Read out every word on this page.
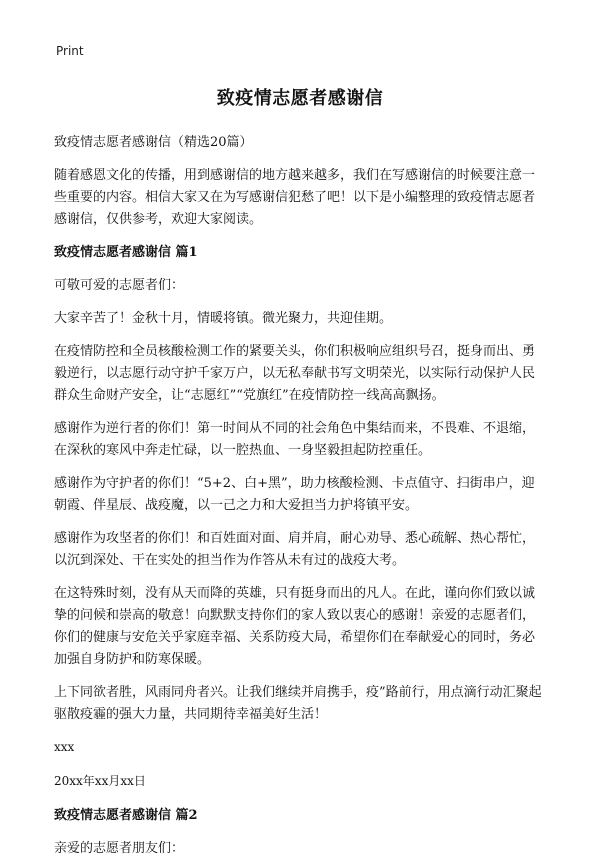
Print
致疫情志愿者感谢信
致疫情志愿者感谢信（精选20篇）
随着感恩文化的传播，用到感谢信的地方越来越多，我们在写感谢信的时候要注意一些重要的内容。相信大家又在为写感谢信犯愁了吧！以下是小编整理的致疫情志愿者感谢信，仅供参考，欢迎大家阅读。
致疫情志愿者感谢信 篇1
可敬可爱的志愿者们：
大家辛苦了！金秋十月，情暖将镇。微光聚力，共迎佳期。
在疫情防控和全员核酸检测工作的紧要关头，你们积极响应组织号召，挺身而出、勇毅逆行，以志愿行动守护千家万户，以无私奉献书写文明荣光，以实际行动保护人民群众生命财产安全，让“志愿红”“党旗红”在疫情防控一线高高飘扬。
感谢作为逆行者的你们！第一时间从不同的社会角色中集结而来，不畏难、不退缩，在深秋的寒风中奔走忙碌，以一腔热血、一身坚毅担起防控重任。
感谢作为守护者的你们！“5+2、白+黑”，助力核酸检测、卡点值守、扫街串户，迎朝霞、伴星辰、战疫魔，以一己之力和大爱担当力护将镇平安。
感谢作为攻坚者的你们！和百姓面对面、肩并肩，耐心劝导、悉心疏解、热心帮忙，以沉到深处、干在实处的担当作为作答从未有过的战疫大考。
在这特殊时刻，没有从天而降的英雄，只有挺身而出的凡人。在此，谨向你们致以诚挚的问候和崇高的敬意！向默默支持你们的家人致以衷心的感谢！亲爱的志愿者们，你们的健康与安危关乎家庭幸福、关系防疫大局，希望你们在奉献爱心的同时，务必加强自身防护和防寒保暖。
上下同欲者胜，风雨同舟者兴。让我们继续并肩携手，疫”路前行，用点滴行动汇聚起驱散疫霾的强大力量，共同期待幸福美好生活！
xxx
20xx年xx月xx日
致疫情志愿者感谢信 篇2
亲爱的志愿者朋友们：
